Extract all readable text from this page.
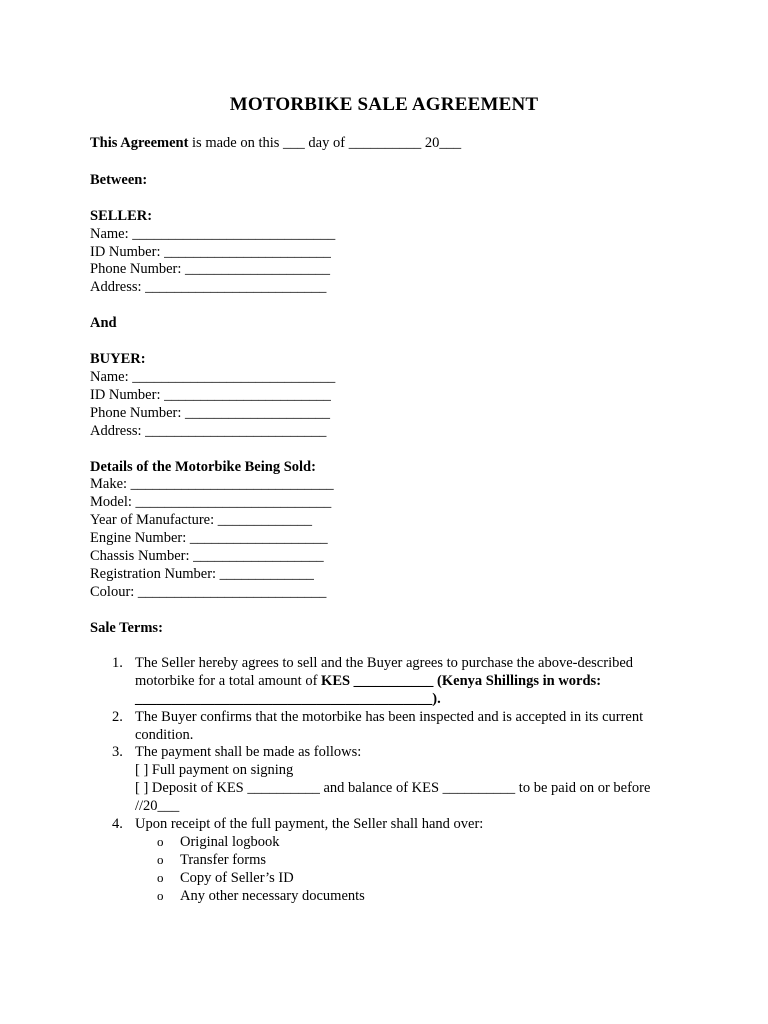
MOTORBIKE SALE AGREEMENT
This Agreement is made on this ___ day of __________ 20___
Between:
SELLER:
Name: ____________________________
ID Number: _______________________
Phone Number: ____________________
Address: _________________________
And
BUYER:
Name: ____________________________
ID Number: _______________________
Phone Number: ____________________
Address: _________________________
Details of the Motorbike Being Sold:
Make: ____________________________
Model: ___________________________
Year of Manufacture: _____________
Engine Number: ___________________
Chassis Number: __________________
Registration Number: _____________
Colour: __________________________
Sale Terms:
1. The Seller hereby agrees to sell and the Buyer agrees to purchase the above-described
motorbike for a total amount of KES ___________ (Kenya Shillings in words:
_________________________________________).
2. The Buyer confirms that the motorbike has been inspected and is accepted in its current
condition.
3. The payment shall be made as follows:
[ ] Full payment on signing
[ ] Deposit of KES __________ and balance of KES __________ to be paid on or before
//20___
4. Upon receipt of the full payment, the Seller shall hand over:
o Original logbook
o Transfer forms
o Copy of Seller’s ID
o Any other necessary documents
